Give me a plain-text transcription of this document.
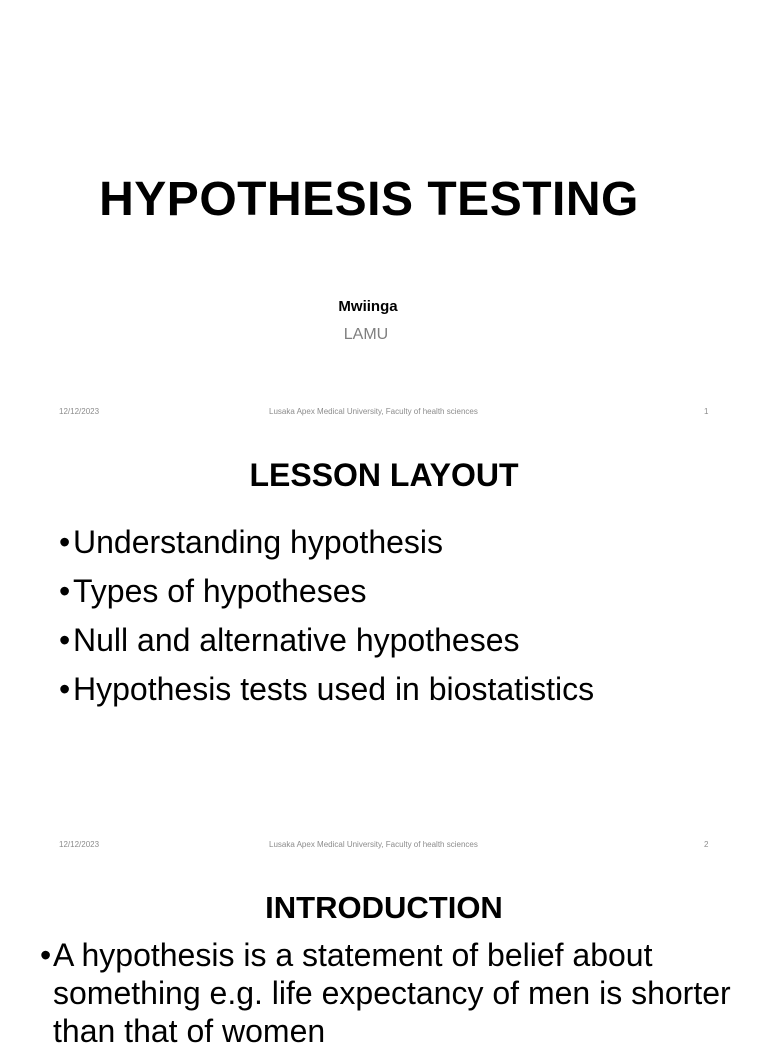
HYPOTHESIS TESTING
Mwiinga
LAMU
12/12/2023	Lusaka Apex Medical University, Faculty of health sciences	1
LESSON LAYOUT
•Understanding hypothesis
•Types of hypotheses
•Null and alternative hypotheses
•Hypothesis tests used in biostatistics
12/12/2023	Lusaka Apex Medical University, Faculty of health sciences	2
INTRODUCTION
• A hypothesis is a statement of belief about something e.g. life expectancy of men is shorter than that of women
